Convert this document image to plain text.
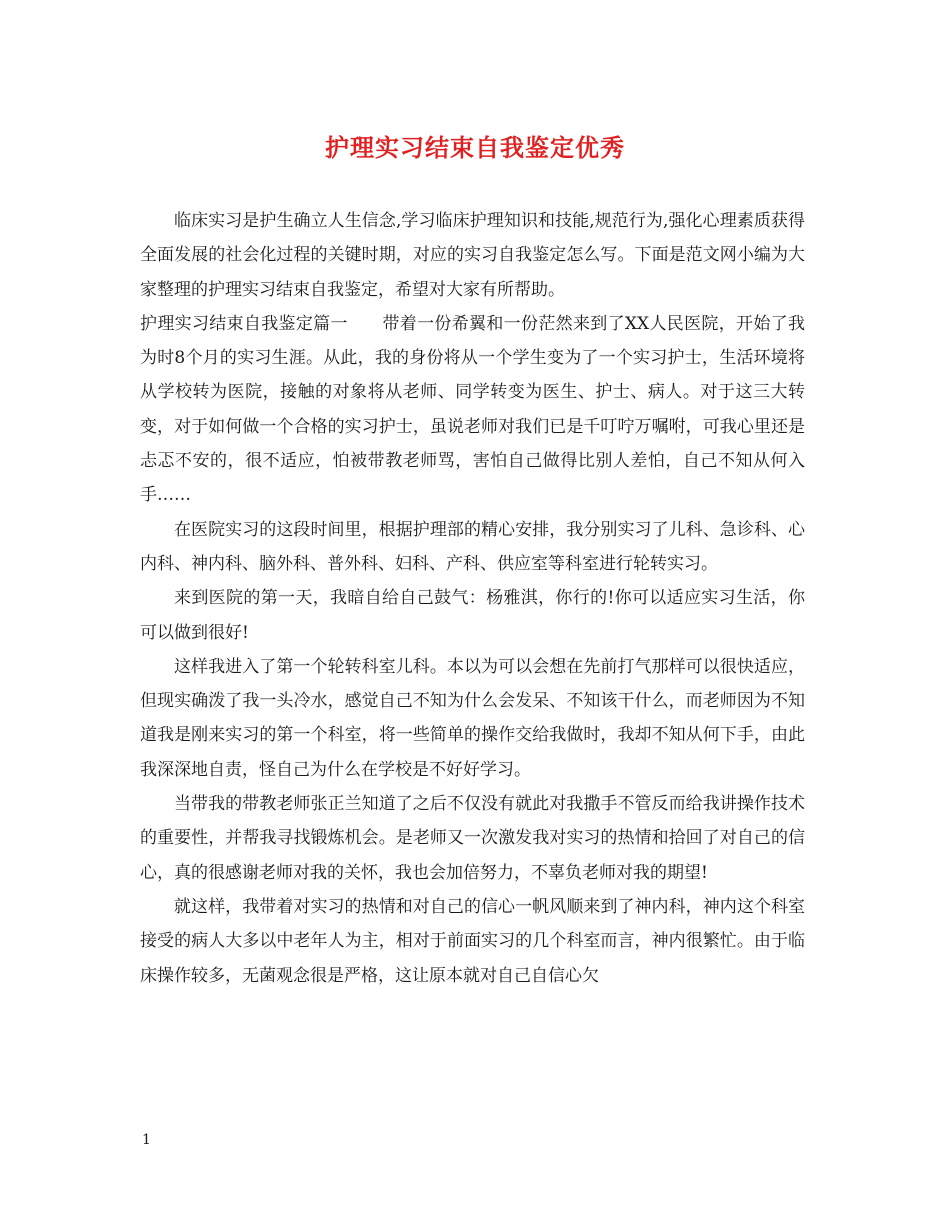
护理实习结束自我鉴定优秀

临床实习是护生确立人生信念,学习临床护理知识和技能,规范行为,强化心理素质获得全面发展的社会化过程的关键时期，对应的实习自我鉴定怎么写。下面是范文网小编为大家整理的护理实习结束自我鉴定，希望对大家有所帮助。

护理实习结束自我鉴定篇一　　带着一份希翼和一份茫然来到了XX人民医院，开始了我为时8个月的实习生涯。从此，我的身份将从一个学生变为了一个实习护士，生活环境将从学校转为医院，接触的对象将从老师、同学转变为医生、护士、病人。对于这三大转变，对于如何做一个合格的实习护士，虽说老师对我们已是千叮咛万嘱咐，可我心里还是忐忑不安的，很不适应，怕被带教老师骂，害怕自己做得比别人差怕，自己不知从何入手……

在医院实习的这段时间里，根据护理部的精心安排，我分别实习了儿科、急诊科、心内科、神内科、脑外科、普外科、妇科、产科、供应室等科室进行轮转实习。

来到医院的第一天，我暗自给自己鼓气：杨雅淇，你行的!你可以适应实习生活，你可以做到很好!

这样我进入了第一个轮转科室儿科。本以为可以会想在先前打气那样可以很快适应，但现实确泼了我一头冷水，感觉自己不知为什么会发呆、不知该干什么，而老师因为不知道我是刚来实习的第一个科室，将一些简单的操作交给我做时，我却不知从何下手，由此我深深地自责，怪自己为什么在学校是不好好学习。

当带我的带教老师张正兰知道了之后不仅没有就此对我撒手不管反而给我讲操作技术的重要性，并帮我寻找锻炼机会。是老师又一次激发我对实习的热情和拾回了对自己的信心，真的很感谢老师对我的关怀，我也会加倍努力，不辜负老师对我的期望!

就这样，我带着对实习的热情和对自己的信心一帆风顺来到了神内科，神内这个科室接受的病人大多以中老年人为主，相对于前面实习的几个科室而言，神内很繁忙。由于临床操作较多，无菌观念很是严格，这让原本就对自己自信心欠

1
